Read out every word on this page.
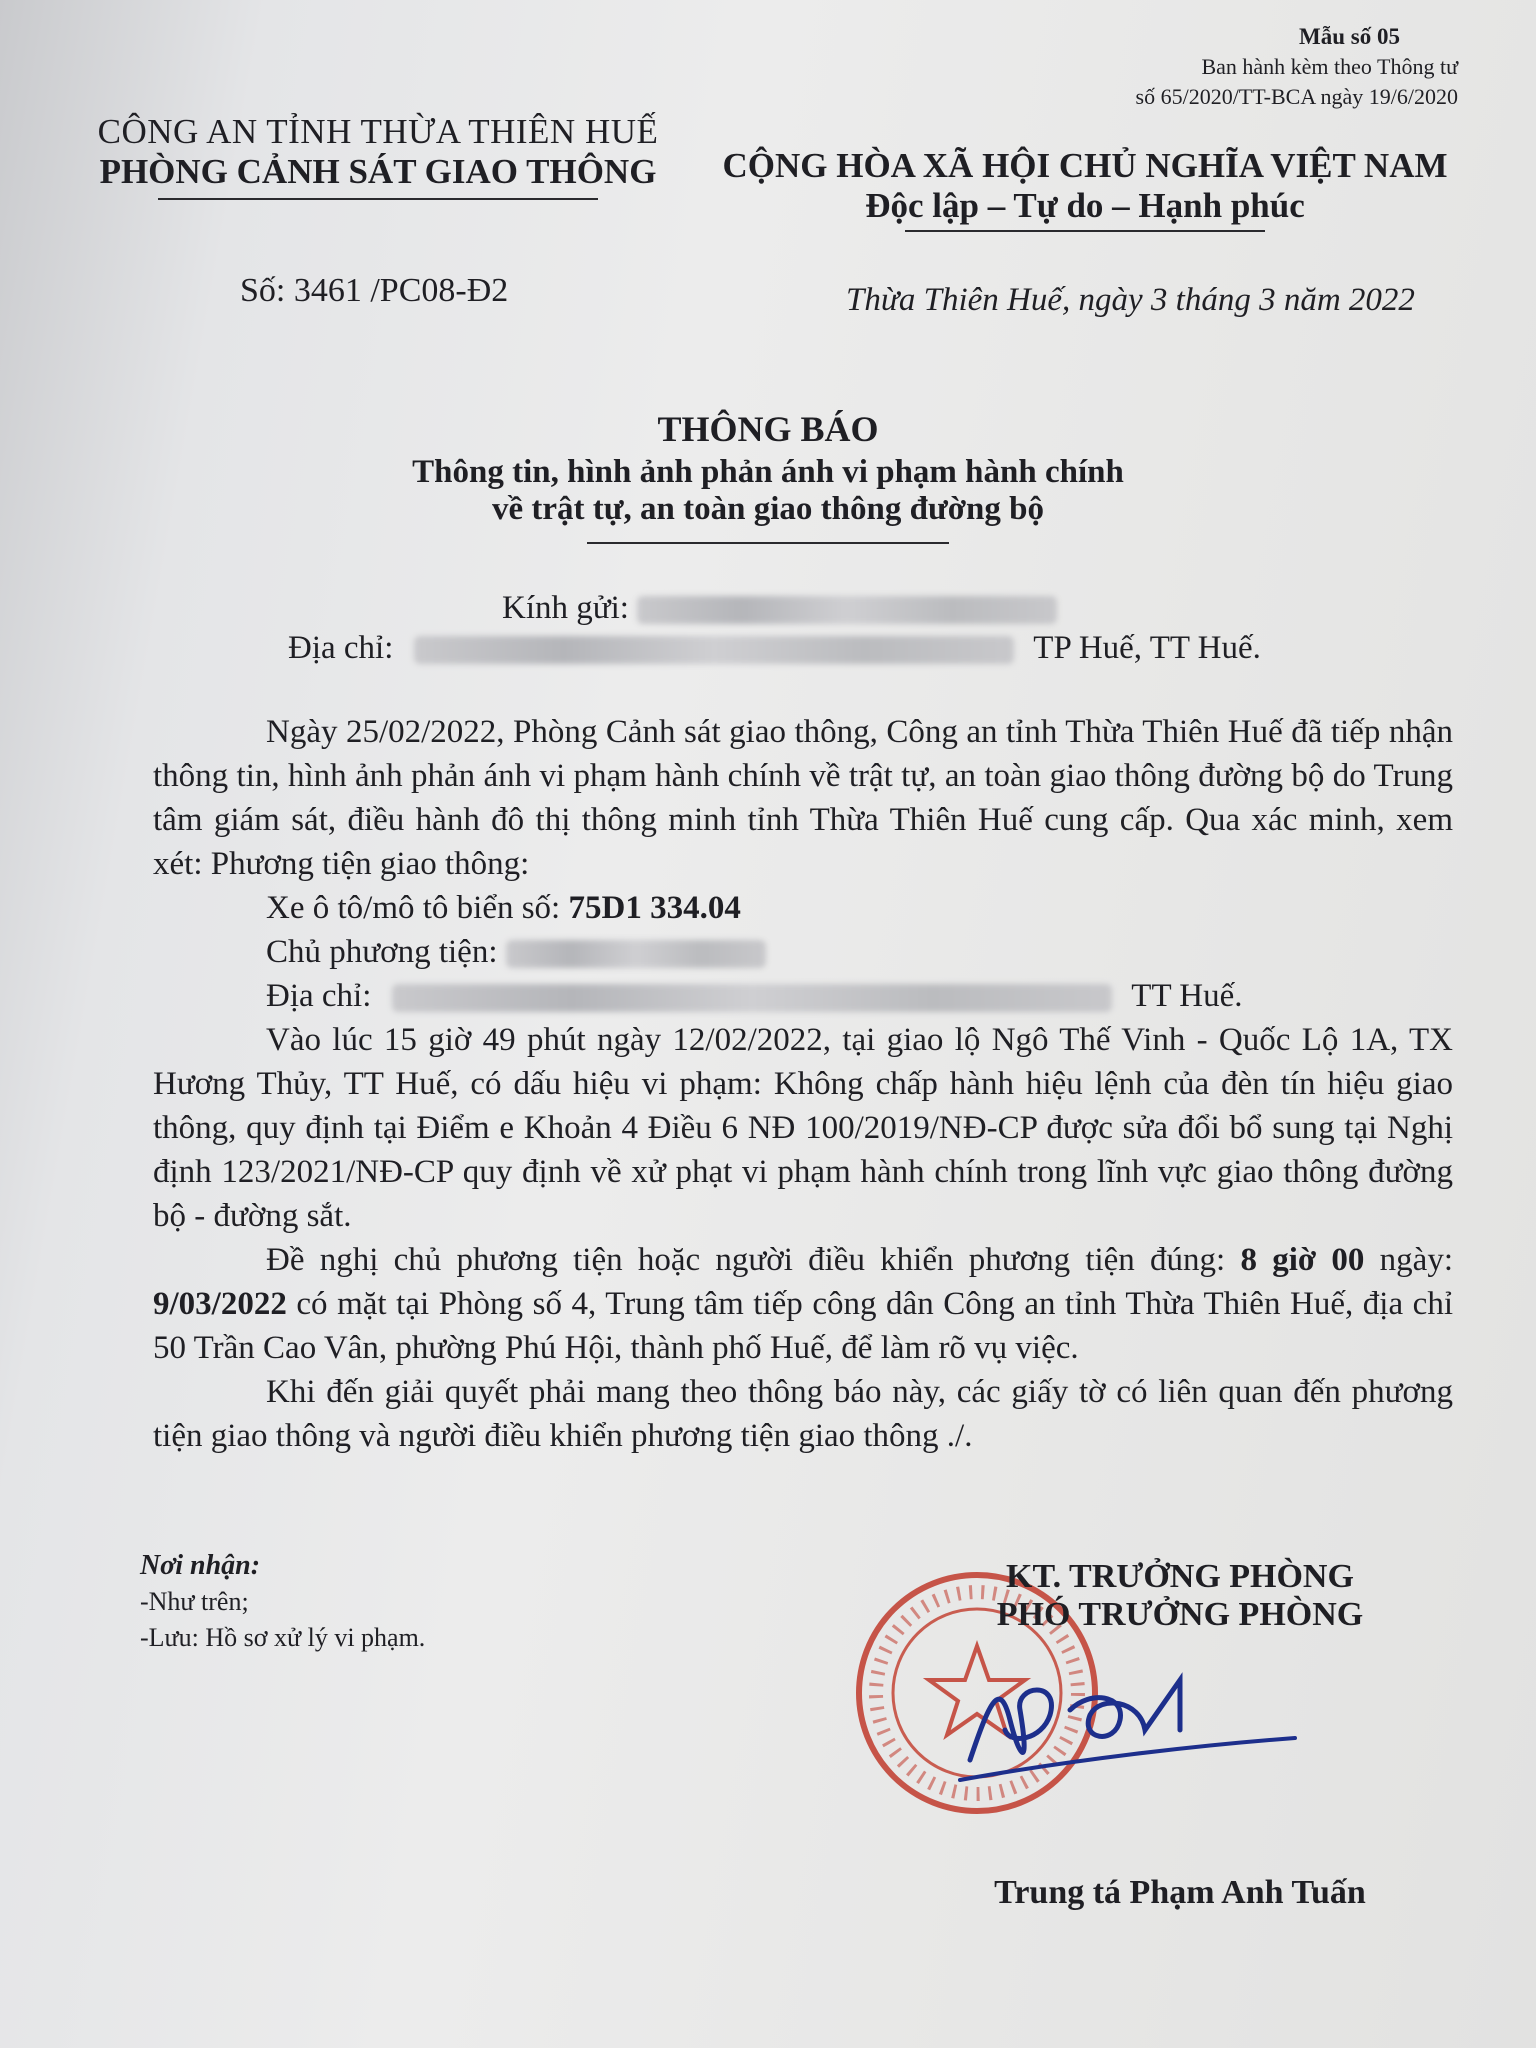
Mẫu số 05
Ban hành kèm theo Thông tư
số 65/2020/TT-BCA ngày 19/6/2020
CÔNG AN TỈNH THỪA THIÊN HUẾ
PHÒNG CẢNH SÁT GIAO THÔNG	CỘNG HÒA XÃ HỘI CHỦ NGHĨA VIỆT NAM
Độc lập – Tự do – Hạnh phúc
Số: 3461 /PC08-Đ2	Thừa Thiên Huế, ngày 3 tháng 3 năm 2022
THÔNG BÁO
Thông tin, hình ảnh phản ánh vi phạm hành chính
về trật tự, an toàn giao thông đường bộ
Kính gửi:
Địa chỉ:	TP Huế, TT Huế.

Ngày 25/02/2022, Phòng Cảnh sát giao thông, Công an tỉnh Thừa Thiên Huế đã tiếp nhận thông tin, hình ảnh phản ánh vi phạm hành chính về trật tự, an toàn giao thông đường bộ do Trung tâm giám sát, điều hành đô thị thông minh tỉnh Thừa Thiên Huế cung cấp. Qua xác minh, xem xét: Phương tiện giao thông:

Xe ô tô/mô tô biển số: 75D1 334.04

Chủ phương tiện:

Địa chỉ:	TT Huế.

Vào lúc 15 giờ 49 phút ngày 12/02/2022, tại giao lộ Ngô Thế Vinh - Quốc Lộ 1A, TX Hương Thủy, TT Huế, có dấu hiệu vi phạm: Không chấp hành hiệu lệnh của đèn tín hiệu giao thông, quy định tại Điểm e Khoản 4 Điều 6 NĐ 100/2019/NĐ-CP được sửa đổi bổ sung tại Nghị định 123/2021/NĐ-CP quy định về xử phạt vi phạm hành chính trong lĩnh vực giao thông đường bộ - đường sắt.

Đề nghị chủ phương tiện hoặc người điều khiển phương tiện đúng: 8 giờ 00 ngày: 9/03/2022 có mặt tại Phòng số 4, Trung tâm tiếp công dân Công an tỉnh Thừa Thiên Huế, địa chỉ 50 Trần Cao Vân, phường Phú Hội, thành phố Huế, để làm rõ vụ việc.

Khi đến giải quyết phải mang theo thông báo này, các giấy tờ có liên quan đến phương tiện giao thông và người điều khiển phương tiện giao thông ./.

Nơi nhận:
-Như trên;
-Lưu: Hồ sơ xử lý vi phạm.
KT. TRƯỞNG PHÒNG
PHÓ TRƯỞNG PHÒNG
Trung tá Phạm Anh Tuấn
